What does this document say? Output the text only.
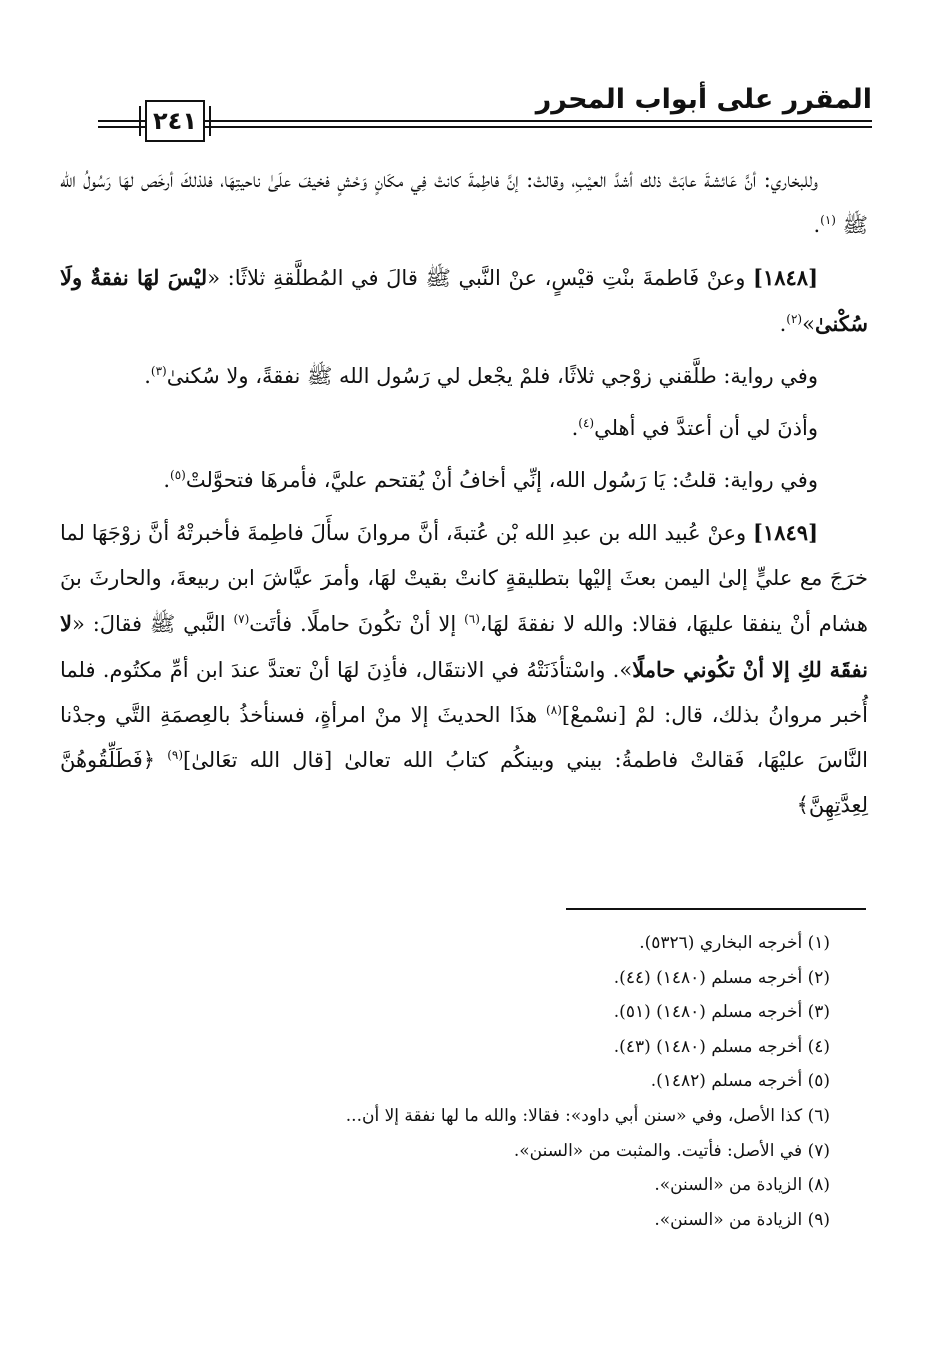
المقرر على أبواب المحرر
٢٤١

وللبخاري: أنَّ عَائشةَ عابَتْ ذلك أشدَّ العيْبِ، وقالتْ: إنَّ فاطِمةَ كانتْ فِي مكَانٍ وَحْشٍ فخيفَ علَىٰ ناحيتِهَا، فلذلكَ أرخَص لهَا رَسُولُ الله ﷺ $^{(١)}$.

[١٨٤٨] وعنْ فَاطمةَ بنْتِ قيْسٍ، عنْ النَّبي ﷺ قالَ في المُطلَّقةِ ثلاثًا: «ليْسَ لهَا نفقةٌ ولَا سُكْنىٰ»$^{(٢)}$.

وفي رواية: طلَّقني زوْجي ثلاثًا، فلمْ يجْعل لي رَسُول الله ﷺ نفقةً، ولا سُكنىٰ$^{(٣)}$.

وأذنَ لي أن أعتدَّ في أهلي$^{(٤)}$.

وفي رواية: قلتُ: يَا رَسُول الله، إنِّي أخافُ أنْ يُقتحم عليَّ، فأمرهَا فتحوَّلتْ$^{(٥)}$.

[١٨٤٩] وعنْ عُبيد الله بن عبدِ الله بْن عُتبةَ، أنَّ مروانَ سأَلَ فاطِمةَ فأخبرتْهُ أنَّ زوْجَهَا لما خرَجَ مع عليٍّ إلىٰ اليمن بعثَ إليْها بتطليقةٍ كانتْ بقيتْ لهَا، وأمرَ عيَّاشَ ابن ربيعةَ، والحارثَ بنَ هشام أنْ ينفقا عليهَا، فقالا: والله لا نفقةَ لهَا،$^{(٦)}$ إلا أنْ تكُونَ حاملًا. فأتَت$^{(٧)}$ النَّبي ﷺ فقالَ: «لا نفقَة لكِ إلا أنْ تكُوني حاملًا». واسْتأذَنَتْهُ في الانتقَال، فأذِنَ لهَا أنْ تعتدَّ عندَ ابن أمِّ مكتُوم. فلما أُخبر مروانُ بذلك، قال: لمْ [نسْمعْ]$^{(٨)}$ هذَا الحديثَ إلا منْ امرأةٍ، فسنأخذُ بالعِصمَةِ التَّي وجدْنا النَّاسَ عليْهَا، فَقالتْ فاطمةُ: بيني وبينكُم كتابُ الله تعالىٰ [قال الله تعَالىٰ]$^{(٩)}$ ﴿فَطَلِّقُوهُنَّ لِعِدَّتِهِنَّ﴾

(١) أخرجه البخاري (٥٣٢٦).
(٢) أخرجه مسلم (١٤٨٠) (٤٤).
(٣) أخرجه مسلم (١٤٨٠) (٥١).
(٤) أخرجه مسلم (١٤٨٠) (٤٣).
(٥) أخرجه مسلم (١٤٨٢).
(٦) كذا الأصل، وفي «سنن أبي داود»: فقالا: والله ما لها نفقة إلا أن...
(٧) في الأصل: فأتيت. والمثبت من «السنن».
(٨) الزيادة من «السنن».
(٩) الزيادة من «السنن».
